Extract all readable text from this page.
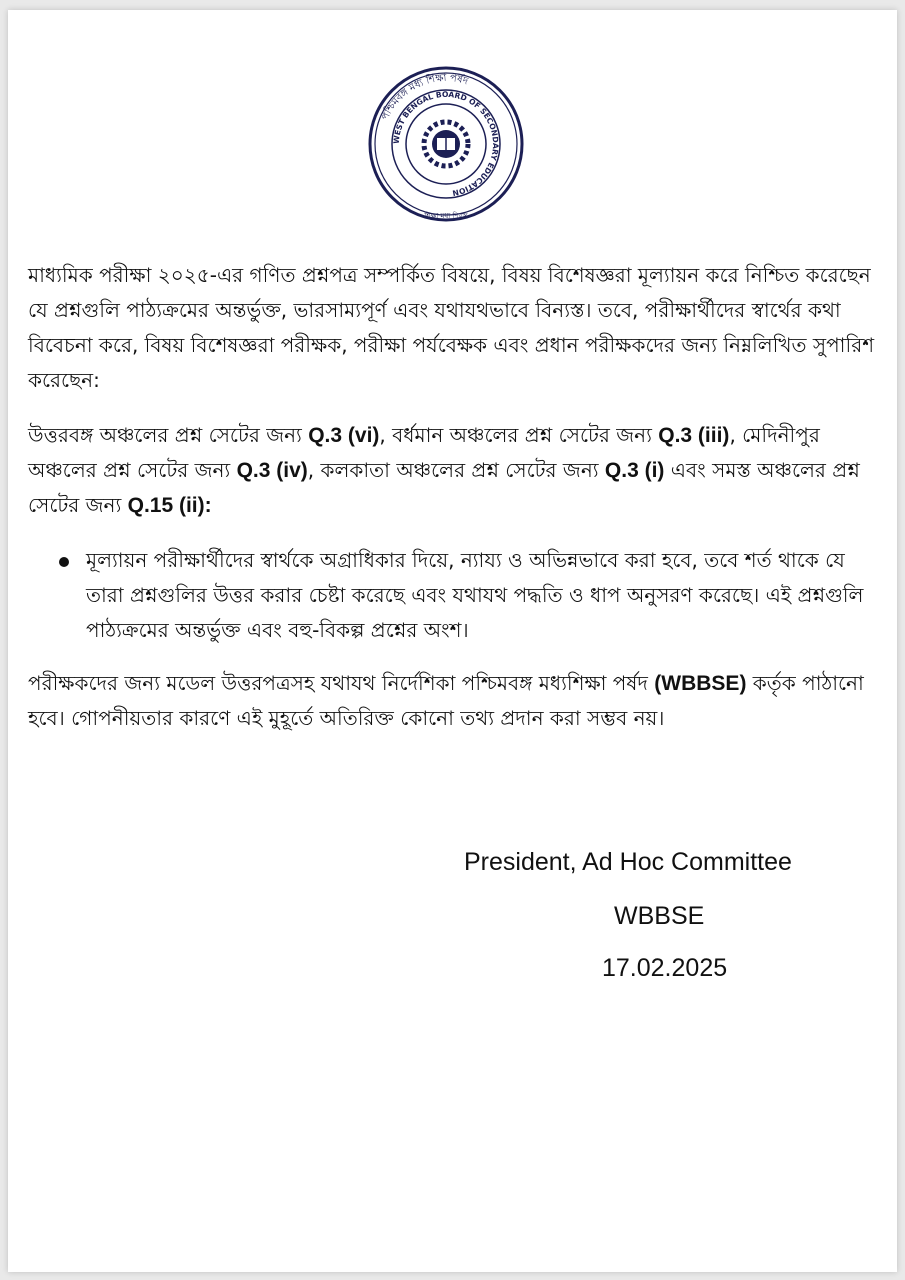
পশ্চিমবঙ্গ মধ্য শিক্ষা পর্ষদ
WEST BENGAL BOARD OF SECONDARY EDUCATION
শিক্ষা মধ্য শিরস্ক
মাধ্যমিক পরীক্ষা ২০২৫-এর গণিত প্রশ্নপত্র সম্পর্কিত বিষয়ে, বিষয় বিশেষজ্ঞরা মূল্যায়ন করে নিশ্চিত করেছেন যে প্রশ্নগুলি পাঠ্যক্রমের অন্তর্ভুক্ত, ভারসাম্যপূর্ণ এবং যথাযথভাবে বিন্যস্ত। তবে, পরীক্ষার্থীদের স্বার্থের কথা বিবেচনা করে, বিষয় বিশেষজ্ঞরা পরীক্ষক, পরীক্ষা পর্যবেক্ষক এবং প্রধান পরীক্ষকদের জন্য নিম্নলিখিত সুপারিশ করেছেন:
উত্তরবঙ্গ অঞ্চলের প্রশ্ন সেটের জন্য Q.3 (vi), বর্ধমান অঞ্চলের প্রশ্ন সেটের জন্য Q.3 (iii), মেদিনীপুর অঞ্চলের প্রশ্ন সেটের জন্য Q.3 (iv), কলকাতা অঞ্চলের প্রশ্ন সেটের জন্য Q.3 (i) এবং সমস্ত অঞ্চলের প্রশ্ন সেটের জন্য Q.15 (ii):
মূল্যায়ন পরীক্ষার্থীদের স্বার্থকে অগ্রাধিকার দিয়ে, ন্যায্য ও অভিন্নভাবে করা হবে, তবে শর্ত থাকে যে তারা প্রশ্নগুলির উত্তর করার চেষ্টা করেছে এবং যথাযথ পদ্ধতি ও ধাপ অনুসরণ করেছে। এই প্রশ্নগুলি পাঠ্যক্রমের অন্তর্ভুক্ত এবং বহু-বিকল্প প্রশ্নের অংশ।
পরীক্ষকদের জন্য মডেল উত্তরপত্রসহ যথাযথ নির্দেশিকা পশ্চিমবঙ্গ মধ্যশিক্ষা পর্ষদ (WBBSE) কর্তৃক পাঠানো হবে। গোপনীয়তার কারণে এই মুহূর্তে অতিরিক্ত কোনো তথ্য প্রদান করা সম্ভব নয়।
President, Ad Hoc Committee
WBBSE
17.02.2025
